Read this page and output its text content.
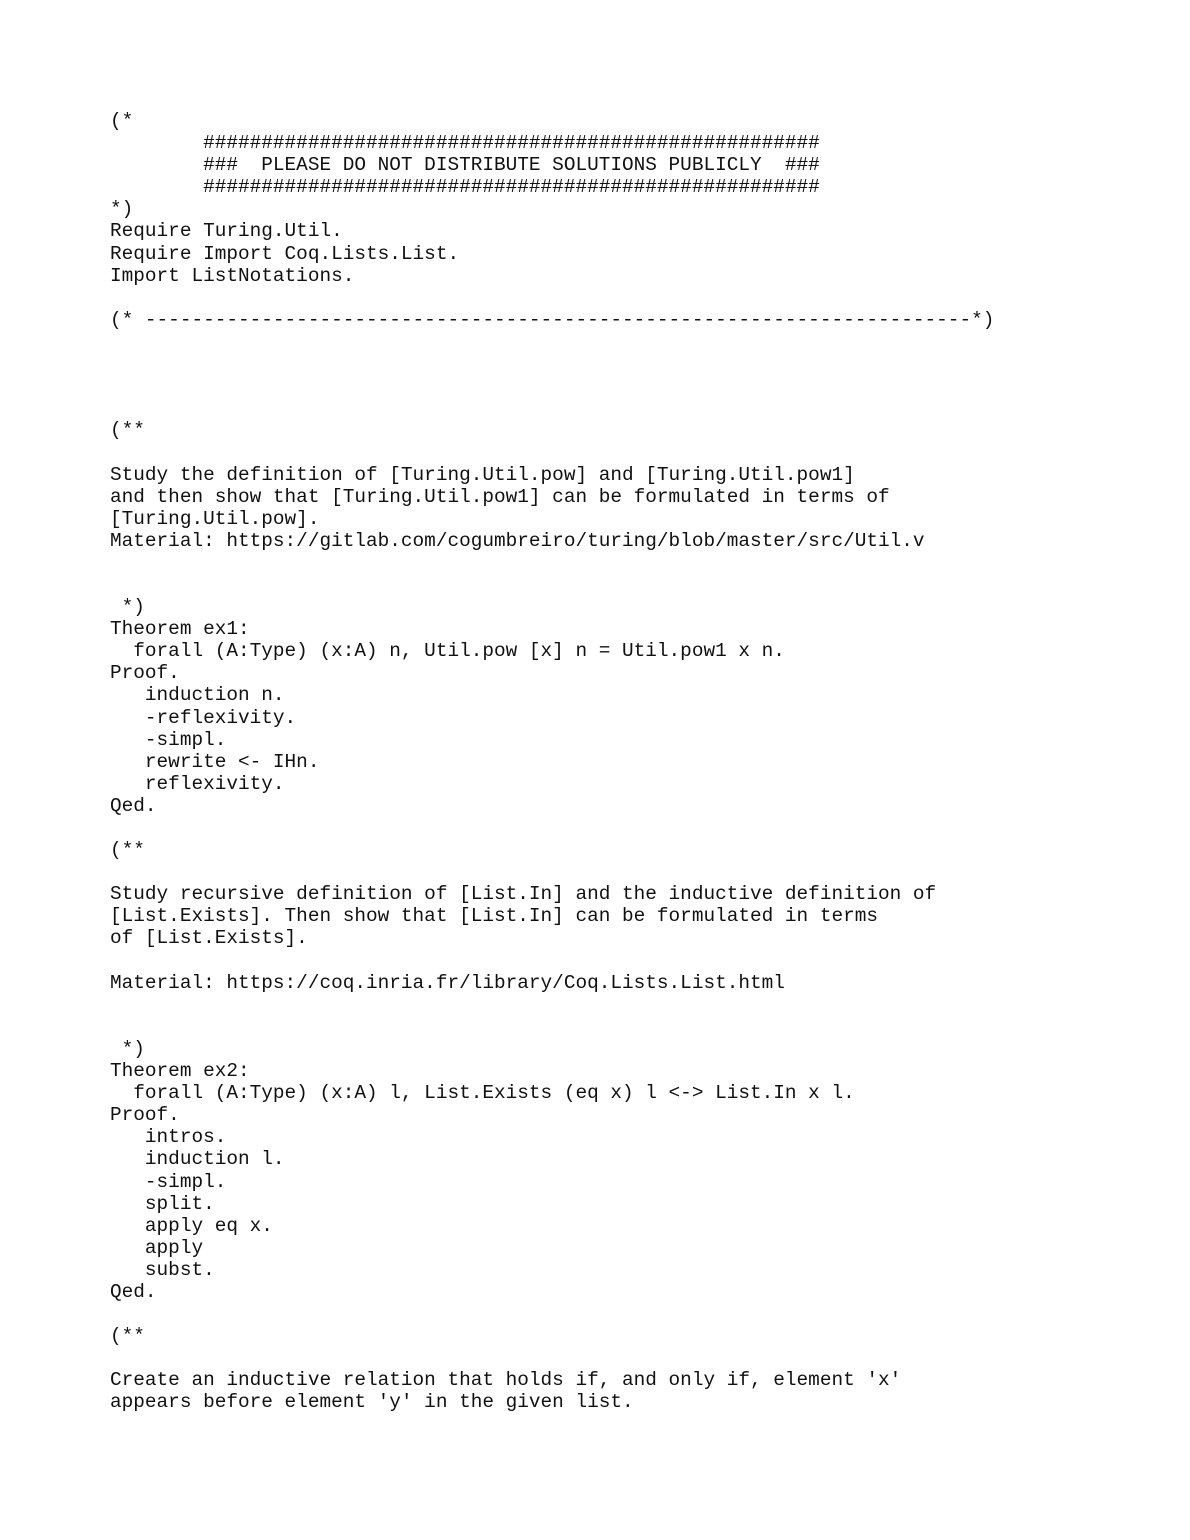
(*
#####################################################
###  PLEASE DO NOT DISTRIBUTE SOLUTIONS PUBLICLY  ###
#####################################################
*)
Require Turing.Util.
Require Import Coq.Lists.List.
Import ListNotations.

(* -----------------------------------------------------------------------*)

(**

Study the definition of [Turing.Util.pow] and [Turing.Util.pow1]
and then show that [Turing.Util.pow1] can be formulated in terms of
[Turing.Util.pow].
Material: https://gitlab.com/cogumbreiro/turing/blob/master/src/Util.v

*)
Theorem ex1:
forall (A:Type) (x:A) n, Util.pow [x] n = Util.pow1 x n.
Proof.
induction n.
-reflexivity.
-simpl.
rewrite <- IHn.
reflexivity.
Qed.

(**

Study recursive definition of [List.In] and the inductive definition of
[List.Exists]. Then show that [List.In] can be formulated in terms
of [List.Exists].

Material: https://coq.inria.fr/library/Coq.Lists.List.html

*)
Theorem ex2:
forall (A:Type) (x:A) l, List.Exists (eq x) l <-> List.In x l.
Proof.
intros.
induction l.
-simpl.
split.
apply eq x.
apply
subst.
Qed.

(**

Create an inductive relation that holds if, and only if, element 'x'
appears before element 'y' in the given list.
